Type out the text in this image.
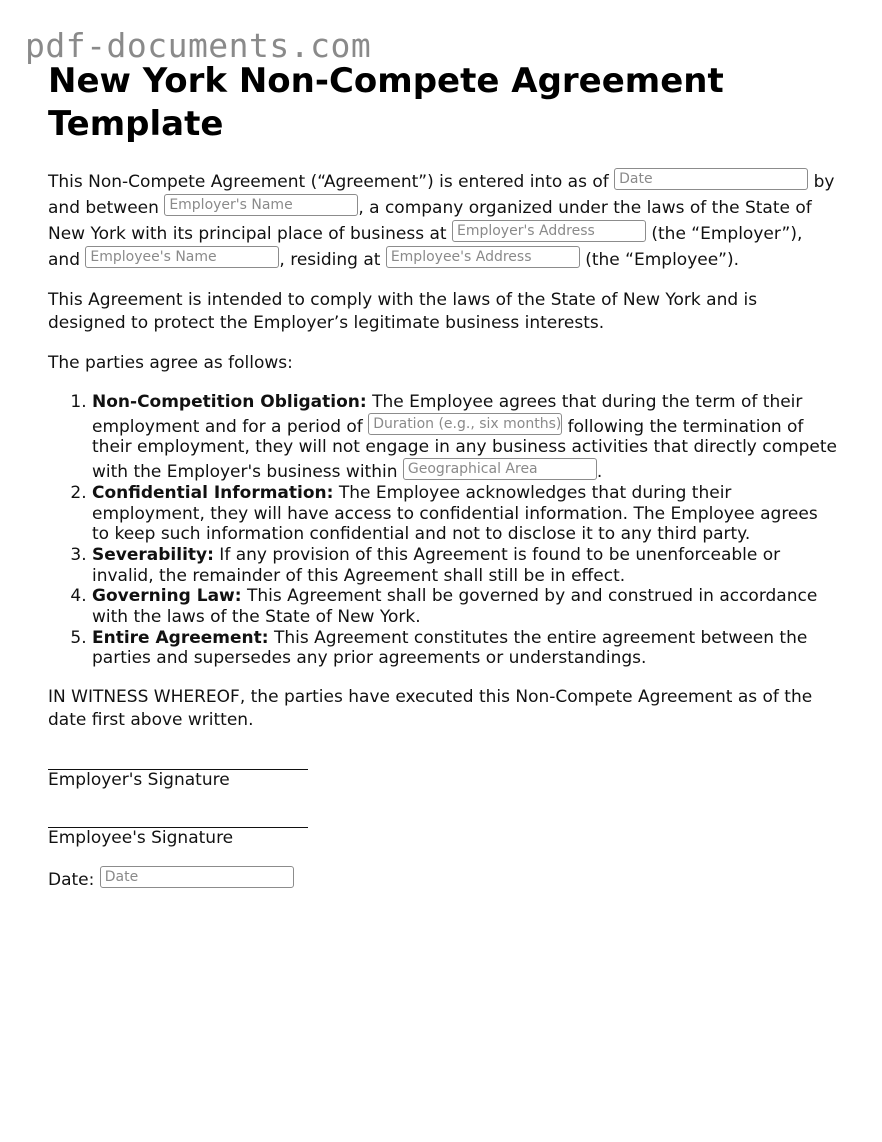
pdf-documents.com
New York Non-Compete Agreement Template

This Non-Compete Agreement (“Agreement”) is entered into as of Date	by and between Employer's Name	, a company organized under the laws of the State of New York with its principal place of business at Employer's Address	(the “Employer”), and Employee's Name	, residing at Employee's Address	(the “Employee”).

This Agreement is intended to comply with the laws of the State of New York and is designed to protect the Employer’s legitimate business interests.

The parties agree as follows:

1. Non-Competition Obligation: The Employee agrees that during the term of their employment and for a period of Duration (e.g., six months) following the termination of their employment, they will not engage in any business activities that directly compete with the Employer's business within Geographical Area	.
2. Confidential Information: The Employee acknowledges that during their employment, they will have access to confidential information. The Employee agrees to keep such information confidential and not to disclose it to any third party.
3. Severability: If any provision of this Agreement is found to be unenforceable or invalid, the remainder of this Agreement shall still be in effect.
4. Governing Law: This Agreement shall be governed by and construed in accordance with the laws of the State of New York.
5. Entire Agreement: This Agreement constitutes the entire agreement between the parties and supersedes any prior agreements or understandings.

IN WITNESS WHEREOF, the parties have executed this Non-Compete Agreement as of the date first above written.

Employer's Signature
Employee's Signature
Date: Date
